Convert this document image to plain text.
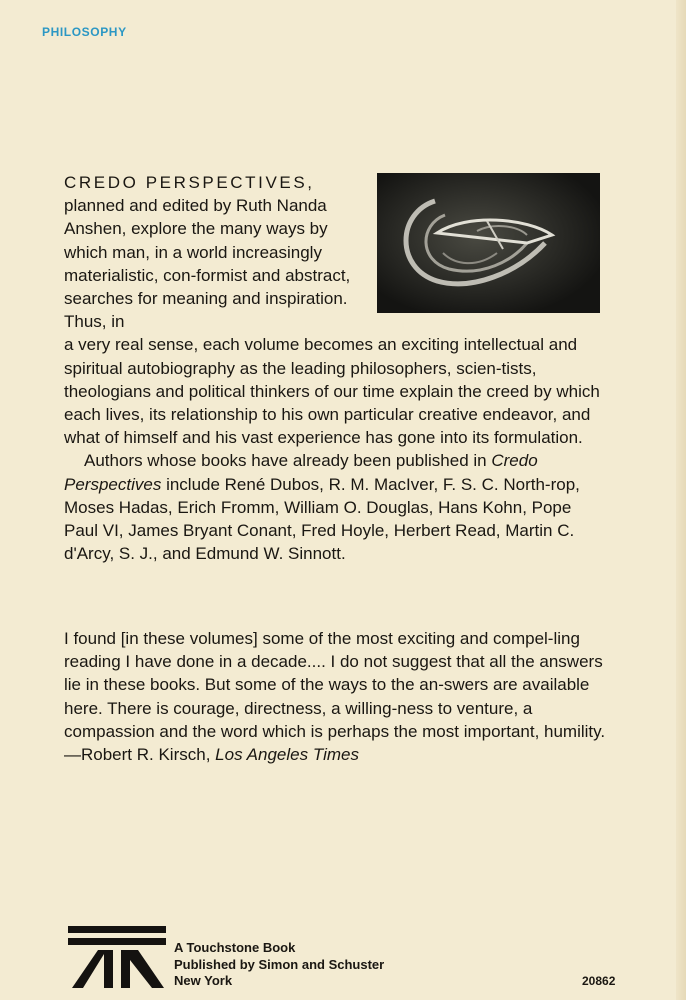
PHILOSOPHY
CREDO PERSPECTIVES, planned and edited by Ruth Nanda Anshen, explore the many ways by which man, in a world increasingly materialistic, con-formist and abstract, searches for meaning and inspiration. Thus, in
a very real sense, each volume becomes an exciting intellectual and spiritual autobiography as the leading philosophers, scien-tists, theologians and political thinkers of our time explain the creed by which each lives, its relationship to his own particular creative endeavor, and what of himself and his vast experience has gone into its formulation.
Authors whose books have already been published in Credo Perspectives include René Dubos, R. M. MacIver, F. S. C. North-rop, Moses Hadas, Erich Fromm, William O. Douglas, Hans Kohn, Pope Paul VI, James Bryant Conant, Fred Hoyle, Herbert Read, Martin C. d'Arcy, S. J., and Edmund W. Sinnott.
I found [in these volumes] some of the most exciting and compel-ling reading I have done in a decade.... I do not suggest that all the answers lie in these books. But some of the ways to the an-swers are available here. There is courage, directness, a willing-ness to venture, a compassion and the word which is perhaps the most important, humility. —Robert R. Kirsch, Los Angeles Times
A Touchstone Book
Published by Simon and Schuster
New York	20862
